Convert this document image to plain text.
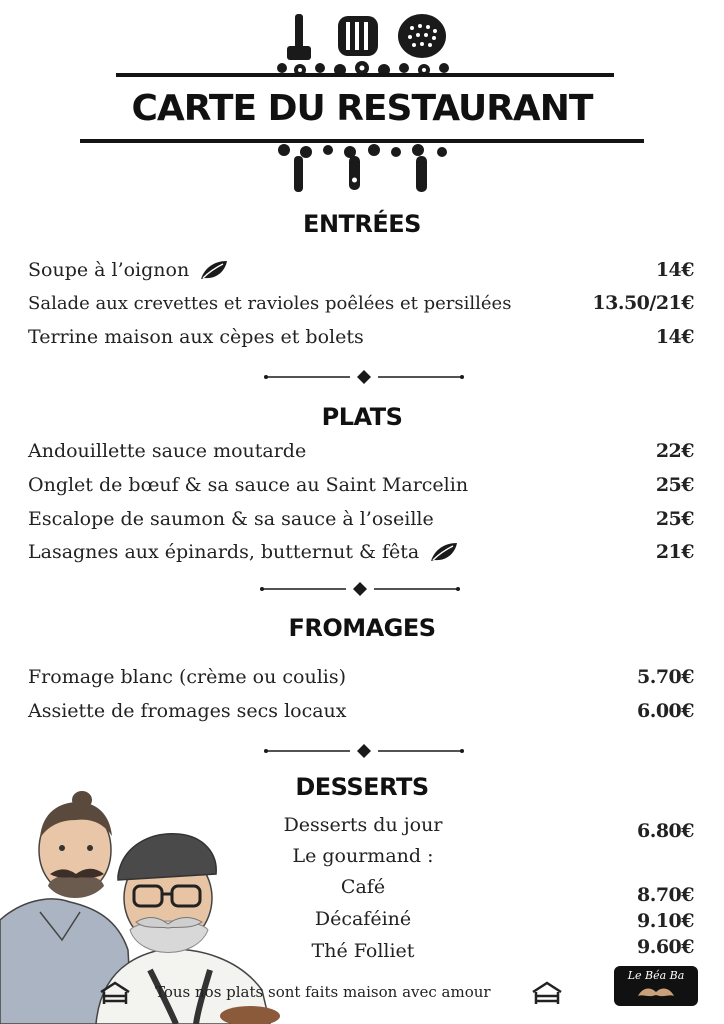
CARTE DU RESTAURANT
ENTRÉES
Soupe à l’oignon	14€
Salade aux crevettes et ravioles poêlées et persillées	13.50/21€
Terrine maison aux cèpes et bolets	14€
PLATS
Andouillette sauce moutarde	22€
Onglet de bœuf & sa sauce au Saint Marcelin	25€
Escalope de saumon & sa sauce à l’oseille	25€
Lasagnes aux épinards, butternut & fêta	21€
FROMAGES
Fromage blanc (crème ou coulis)	5.70€
Assiette de fromages secs locaux	6.00€
DESSERTS
Desserts du jour	6.80€
Le gourmand :
Café	8.70€
Décaféiné	9.10€
Thé Folliet	9.60€
Tous nos plats sont faits maison avec amour
Le Béa Ba
